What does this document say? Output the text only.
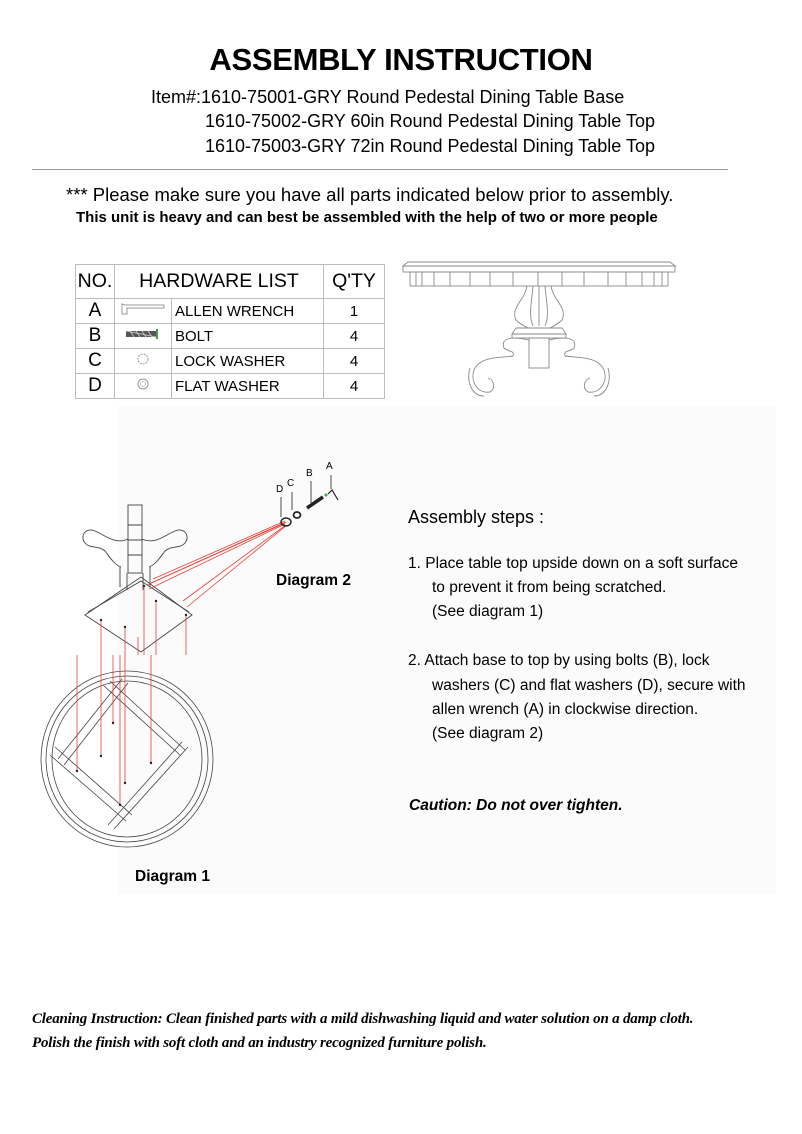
ASSEMBLY INSTRUCTION
Item#:1610-75001-GRY Round Pedestal Dining Table Base
1610-75002-GRY 60in Round Pedestal Dining Table Top
1610-75003-GRY 72in Round Pedestal Dining Table Top
*** Please make sure you have all parts indicated below prior to assembly.
This unit is heavy and can best be assembled with the help of two or more people
NO.	HARDWARE LIST		Q'TY
A		ALLEN WRENCH	1
B		BOLT	4
C		LOCK WASHER	4
D		FLAT WASHER	4
D
C
B
A
Diagram 2
Diagram 1
Assembly steps :
1. Place table top upside down on a soft surface
to prevent it from being scratched.
(See diagram 1)
2. Attach base to top by using bolts (B), lock
washers (C) and flat washers (D), secure with
allen wrench (A) in clockwise direction.
(See diagram 2)
Caution: Do not over tighten.
Cleaning Instruction: Clean finished parts with a mild dishwashing liquid and water solution on a damp cloth.
Polish the finish with soft cloth and an industry recognized furniture polish.
